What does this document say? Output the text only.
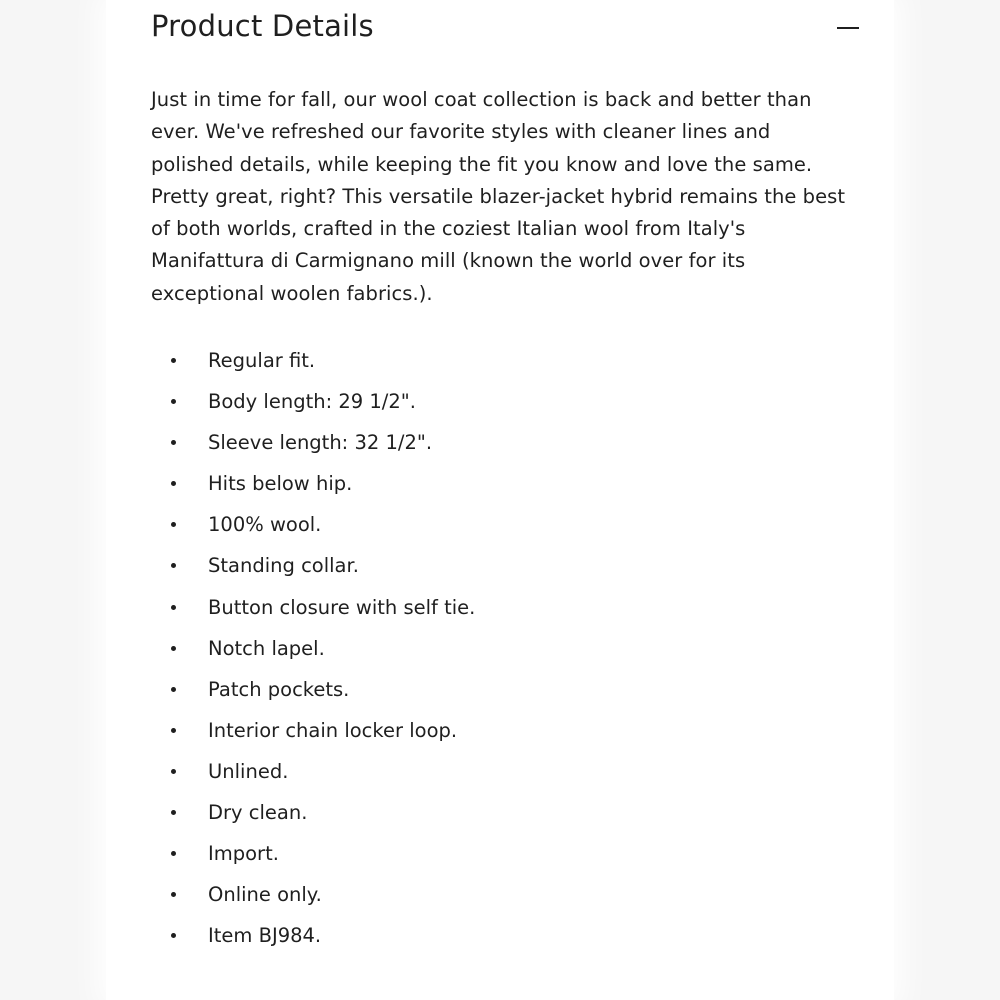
Product Details

Just in time for fall, our wool coat collection is back and better than ever. We've refreshed our favorite styles with cleaner lines and polished details, while keeping the fit you know and love the same. Pretty great, right? This versatile blazer-jacket hybrid remains the best of both worlds, crafted in the coziest Italian wool from Italy's Manifattura di Carmignano mill (known the world over for its exceptional woolen fabrics.).

Regular fit.
Body length: 29 1/2".
Sleeve length: 32 1/2".
Hits below hip.
100% wool.
Standing collar.
Button closure with self tie.
Notch lapel.
Patch pockets.
Interior chain locker loop.
Unlined.
Dry clean.
Import.
Online only.
Item BJ984.
